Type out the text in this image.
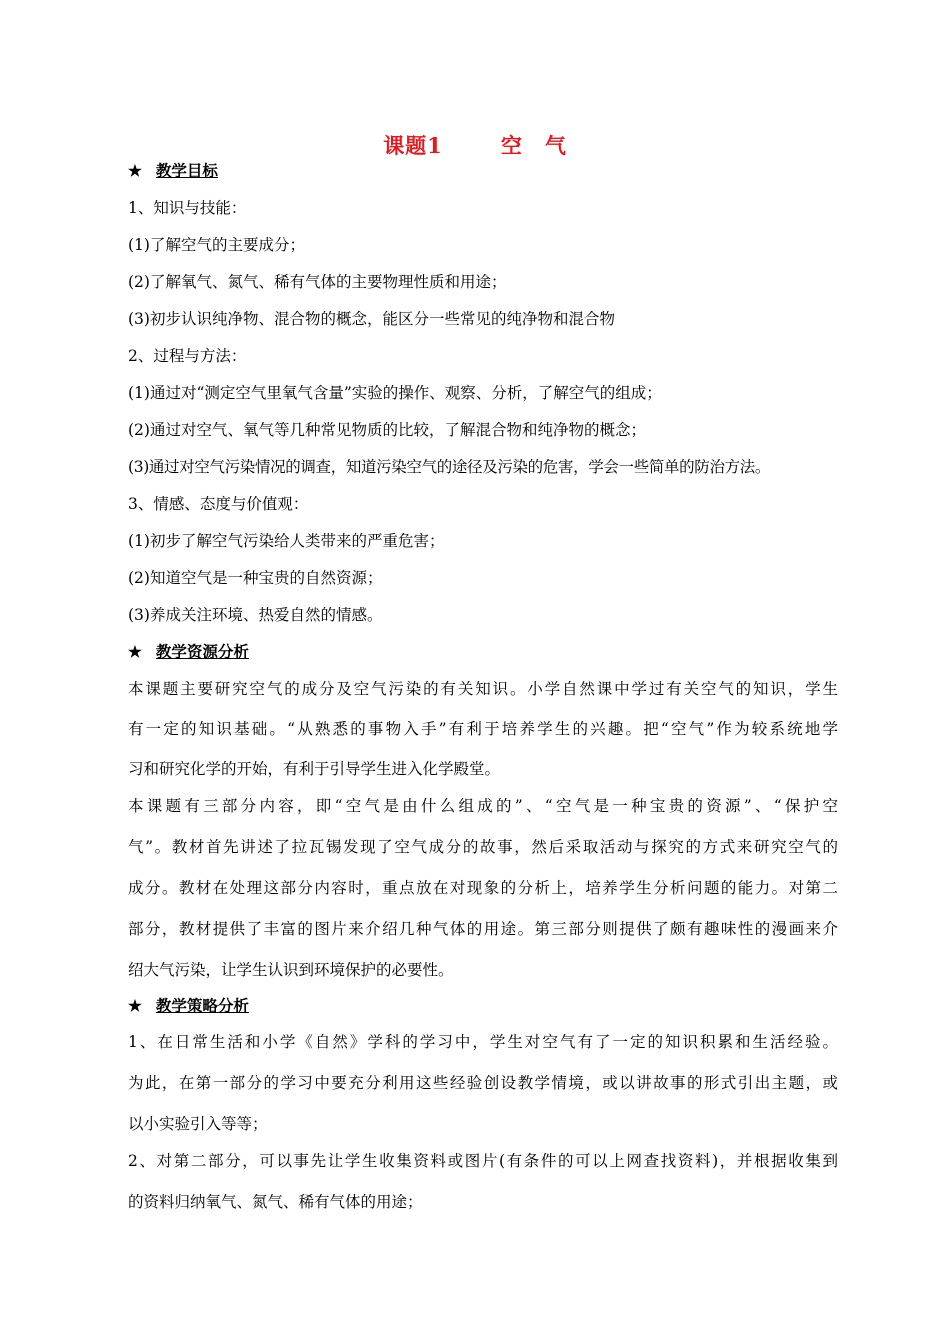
课题1	空 气
★ 教学目标
1、知识与技能：
(1)了解空气的主要成分；
(2)了解氧气、氮气、稀有气体的主要物理性质和用途；
(3)初步认识纯净物、混合物的概念，能区分一些常见的纯净物和混合物
2、过程与方法：
(1)通过对“测定空气里氧气含量”实验的操作、观察、分析，了解空气的组成；
(2)通过对空气、氧气等几种常见物质的比较，了解混合物和纯净物的概念；
(3)通过对空气污染情况的调查，知道污染空气的途径及污染的危害，学会一些简单的防治方法。
3、情感、态度与价值观：
(1)初步了解空气污染给人类带来的严重危害；
(2)知道空气是一种宝贵的自然资源；
(3)养成关注环境、热爱自然的情感。
★ 教学资源分析
本课题主要研究空气的成分及空气污染的有关知识。小学自然课中学过有关空气的知识，学生
有一定的知识基础。“从熟悉的事物入手”有利于培养学生的兴趣。把“空气”作为较系统地学
习和研究化学的开始，有利于引导学生进入化学殿堂。
本课题有三部分内容，即“空气是由什么组成的”、“空气是一种宝贵的资源”、“保护空
气”。教材首先讲述了拉瓦锡发现了空气成分的故事，然后采取活动与探究的方式来研究空气的
成分。教材在处理这部分内容时，重点放在对现象的分析上，培养学生分析问题的能力。对第二
部分，教材提供了丰富的图片来介绍几种气体的用途。第三部分则提供了颇有趣味性的漫画来介
绍大气污染，让学生认识到环境保护的必要性。
★ 教学策略分析
1、在日常生活和小学《自然》学科的学习中，学生对空气有了一定的知识积累和生活经验。
为此，在第一部分的学习中要充分利用这些经验创设教学情境，或以讲故事的形式引出主题，或
以小实验引入等等；
2、对第二部分，可以事先让学生收集资料或图片(有条件的可以上网查找资料)，并根据收集到
的资料归纳氧气、氮气、稀有气体的用途；
